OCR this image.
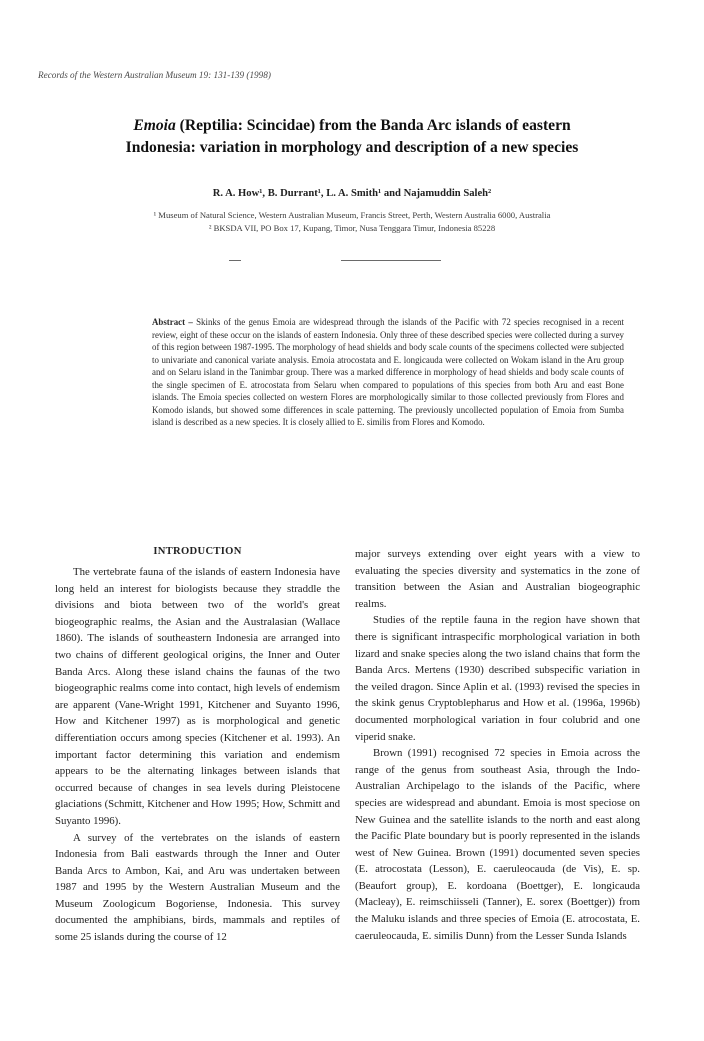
Records of the Western Australian Museum 19: 131-139 (1998)
Emoia (Reptilia: Scincidae) from the Banda Arc islands of eastern
Indonesia: variation in morphology and description of a new species
R. A. How¹, B. Durrant¹, L. A. Smith¹ and Najamuddin Saleh²
¹ Museum of Natural Science, Western Australian Museum, Francis Street, Perth, Western Australia 6000, Australia
² BKSDA VII, PO Box 17, Kupang, Timor, Nusa Tenggara Timur, Indonesia 85228
Abstract – Skinks of the genus Emoia are widespread through the islands of the Pacific with 72 species recognised in a recent review, eight of these occur on the islands of eastern Indonesia. Only three of these described species were collected during a survey of this region between 1987-1995. The morphology of head shields and body scale counts of the specimens collected were subjected to univariate and canonical variate analysis. Emoia atrocostata and E. longicauda were collected on Wokam island in the Aru group and on Selaru island in the Tanimbar group. There was a marked difference in morphology of head shields and body scale counts of the single specimen of E. atrocostata from Selaru when compared to populations of this species from both Aru and east Bone islands. The Emoia species collected on western Flores are morphologically similar to those collected previously from Flores and Komodo islands, but showed some differences in scale patterning. The previously uncollected population of Emoia from Sumba island is described as a new species. It is closely allied to E. similis from Flores and Komodo.
INTRODUCTION

The vertebrate fauna of the islands of eastern Indonesia have long held an interest for biologists because they straddle the divisions and biota between two of the world's great biogeographic realms, the Asian and the Australasian (Wallace 1860). The islands of southeastern Indonesia are arranged into two chains of different geological origins, the Inner and Outer Banda Arcs. Along these island chains the faunas of the two biogeographic realms come into contact, high levels of endemism are apparent (Vane-Wright 1991, Kitchener and Suyanto 1996, How and Kitchener 1997) as is morphological and genetic differentiation occurs among species (Kitchener et al. 1993). An important factor determining this variation and endemism appears to be the alternating linkages between islands that occurred because of changes in sea levels during Pleistocene glaciations (Schmitt, Kitchener and How 1995; How, Schmitt and Suyanto 1996).

A survey of the vertebrates on the islands of eastern Indonesia from Bali eastwards through the Inner and Outer Banda Arcs to Ambon, Kai, and Aru was undertaken between 1987 and 1995 by the Western Australian Museum and the Museum Zoologicum Bogoriense, Indonesia. This survey documented the amphibians, birds, mammals and reptiles of some 25 islands during the course of 12

major surveys extending over eight years with a view to evaluating the species diversity and systematics in the zone of transition between the Asian and Australian biogeographic realms.

Studies of the reptile fauna in the region have shown that there is significant intraspecific morphological variation in both lizard and snake species along the two island chains that form the Banda Arcs. Mertens (1930) described subspecific variation in the veiled dragon. Since Aplin et al. (1993) revised the species in the skink genus Cryptoblepharus and How et al. (1996a, 1996b) documented morphological variation in four colubrid and one viperid snake.

Brown (1991) recognised 72 species in Emoia across the range of the genus from southeast Asia, through the Indo-Australian Archipelago to the islands of the Pacific, where species are widespread and abundant. Emoia is most speciose on New Guinea and the satellite islands to the north and east along the Pacific Plate boundary but is poorly represented in the islands west of New Guinea. Brown (1991) documented seven species (E. atrocostata (Lesson), E. caeruleocauda (de Vis), E. sp. (Beaufort group), E. kordoana (Boettger), E. longicauda (Macleay), E. reimschiisseli (Tanner), E. sorex (Boettger)) from the Maluku islands and three species of Emoia (E. atrocostata, E. caeruleocauda, E. similis Dunn) from the Lesser Sunda Islands
